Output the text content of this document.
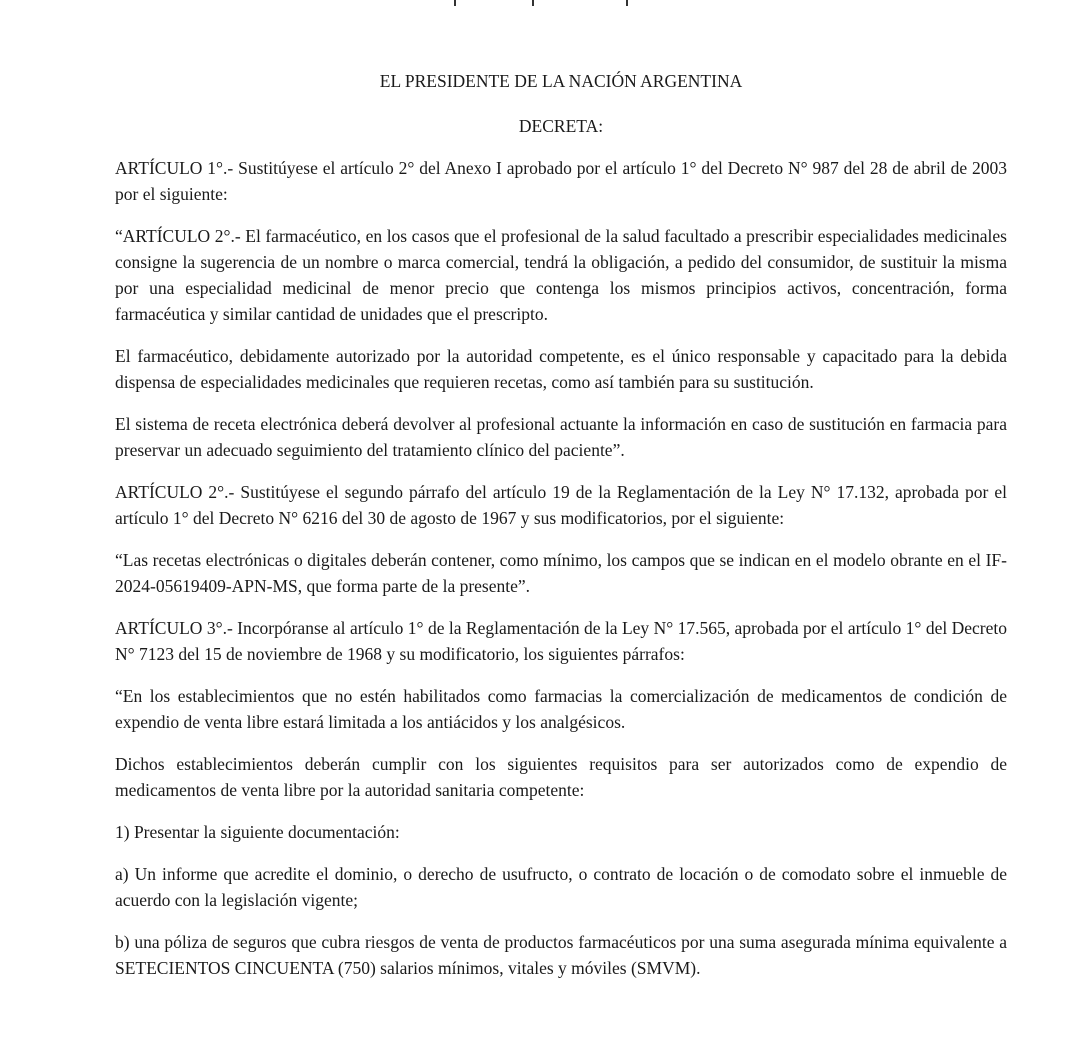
EL PRESIDENTE DE LA NACIÓN ARGENTINA
DECRETA:

ARTÍCULO 1°.- Sustitúyese el artículo 2° del Anexo I aprobado por el artículo 1° del Decreto N° 987 del 28 de abril de 2003 por el siguiente:

“ARTÍCULO 2°.- El farmacéutico, en los casos que el profesional de la salud facultado a prescribir especialidades medicinales consigne la sugerencia de un nombre o marca comercial, tendrá la obligación, a pedido del consumidor, de sustituir la misma por una especialidad medicinal de menor precio que contenga los mismos principios activos, concentración, forma farmacéutica y similar cantidad de unidades que el prescripto.

El farmacéutico, debidamente autorizado por la autoridad competente, es el único responsable y capacitado para la debida dispensa de especialidades medicinales que requieren recetas, como así también para su sustitución.

El sistema de receta electrónica deberá devolver al profesional actuante la información en caso de sustitución en farmacia para preservar un adecuado seguimiento del tratamiento clínico del paciente”.

ARTÍCULO 2°.- Sustitúyese el segundo párrafo del artículo 19 de la Reglamentación de la Ley N° 17.132, aprobada por el artículo 1° del Decreto N° 6216 del 30 de agosto de 1967 y sus modificatorios, por el siguiente:

“Las recetas electrónicas o digitales deberán contener, como mínimo, los campos que se indican en el modelo obrante en el IF-2024-05619409-APN-MS, que forma parte de la presente”.

ARTÍCULO 3°.- Incorpóranse al artículo 1° de la Reglamentación de la Ley N° 17.565, aprobada por el artículo 1° del Decreto N° 7123 del 15 de noviembre de 1968 y su modificatorio, los siguientes párrafos:

“En los establecimientos que no estén habilitados como farmacias la comercialización de medicamentos de condición de expendio de venta libre estará limitada a los antiácidos y los analgésicos.

Dichos establecimientos deberán cumplir con los siguientes requisitos para ser autorizados como de expendio de medicamentos de venta libre por la autoridad sanitaria competente:

1) Presentar la siguiente documentación:

a) Un informe que acredite el dominio, o derecho de usufructo, o contrato de locación o de comodato sobre el inmueble de acuerdo con la legislación vigente;

b) una póliza de seguros que cubra riesgos de venta de productos farmacéuticos por una suma asegurada mínima equivalente a SETECIENTOS CINCUENTA (750) salarios mínimos, vitales y móviles (SMVM).
